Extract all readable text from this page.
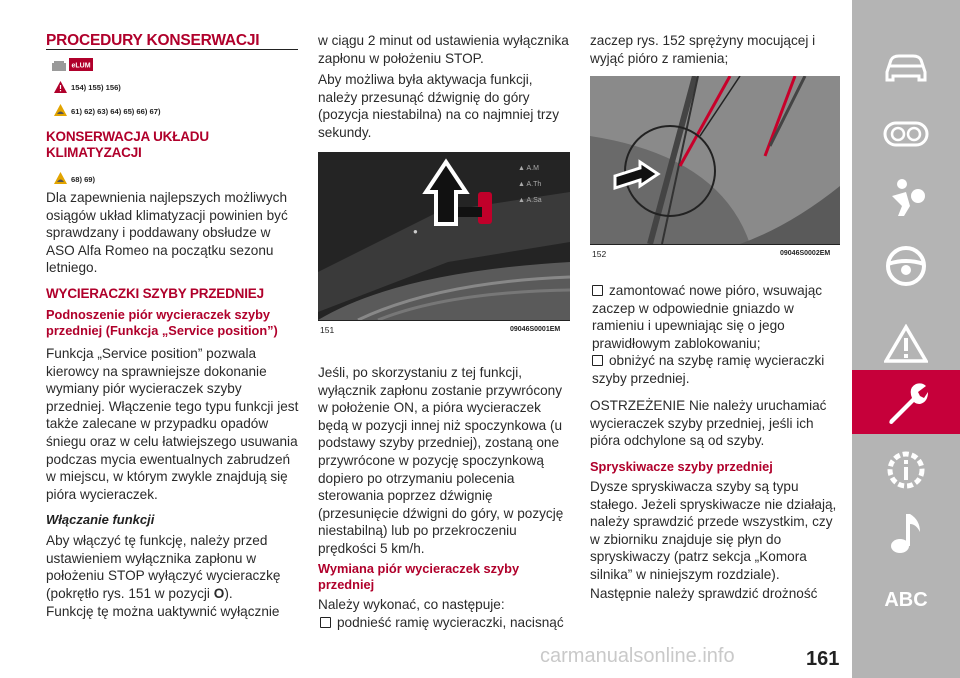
PROCEDURY KONSERWACJI
eLUM
154) 155) 156)
61) 62) 63) 64) 65) 66) 67)
KONSERWACJA UKŁADU KLIMATYZACJI
68) 69)
Dla zapewnienia najlepszych możliwych osiągów układ klimatyzacji powinien być sprawdzany i poddawany obsłudze w ASO Alfa Romeo na początku sezonu letniego.
WYCIERACZKI SZYBY PRZEDNIEJ
Podnoszenie piór wycieraczek szyby przedniej (Funkcja „Service position”)
Funkcja „Service position” pozwala kierowcy na sprawniejsze dokonanie wymiany piór wycieraczek szyby przedniej. Włączenie tego typu funkcji jest także zalecane w przypadku opadów śniegu oraz w celu łatwiejszego usuwania podczas mycia ewentualnych zabrudzeń w miejscu, w którym zwykle znajdują się pióra wycieraczek.
Włączanie funkcji
Aby włączyć tę funkcję, należy przed ustawieniem wyłącznika zapłonu w położeniu STOP wyłączyć wycieraczkę (pokrętło rys. 151 w pozycji O).
Funkcję tę można uaktywnić wyłącznie
w ciągu 2 minut od ustawienia wyłącznika zapłonu w położeniu STOP.
Aby możliwa była aktywacja funkcji, należy przesunąć dźwignię do góry (pozycja niestabilna) na co najmniej trzy sekundy.
●
▲ A.M
▲ A.Th
▲ A.Sa
151	09046S0001EM
Jeśli, po skorzystaniu z tej funkcji, wyłącznik zapłonu zostanie przywrócony w położenie ON, a pióra wycieraczek będą w pozycji innej niż spoczynkowa (u podstawy szyby przedniej), zostaną one przywrócone w pozycję spoczynkową dopiero po otrzymaniu polecenia sterowania poprzez dźwignię (przesunięcie dźwigni do góry, w pozycję niestabilną) lub po przekroczeniu prędkości 5 km/h.
Wymiana piór wycieraczek szyby przedniej
Należy wykonać, co następuje:
podnieść ramię wycieraczki, nacisnąć
zaczep rys. 152 sprężyny mocującej i wyjąć pióro z ramienia;
152	09046S0002EM
zamontować nowe pióro, wsuwając zaczep w odpowiednie gniazdo w ramieniu i upewniając się o jego prawidłowym zablokowaniu;
obniżyć na szybę ramię wycieraczki szyby przedniej.
OSTRZEŻENIE Nie należy uruchamiać wycieraczek szyby przedniej, jeśli ich pióra odchylone są od szyby.
Spryskiwacze szyby przedniej
Dysze spryskiwacza szyby są typu stałego. Jeżeli spryskiwacze nie działają, należy sprawdzić przede wszystkim, czy w zbiorniku znajduje się płyn do spryskiwaczy (patrz sekcja „Komora silnika” w niniejszym rozdziale).
Następnie należy sprawdzić drożność	ABC
carmanualsonline.info	161
